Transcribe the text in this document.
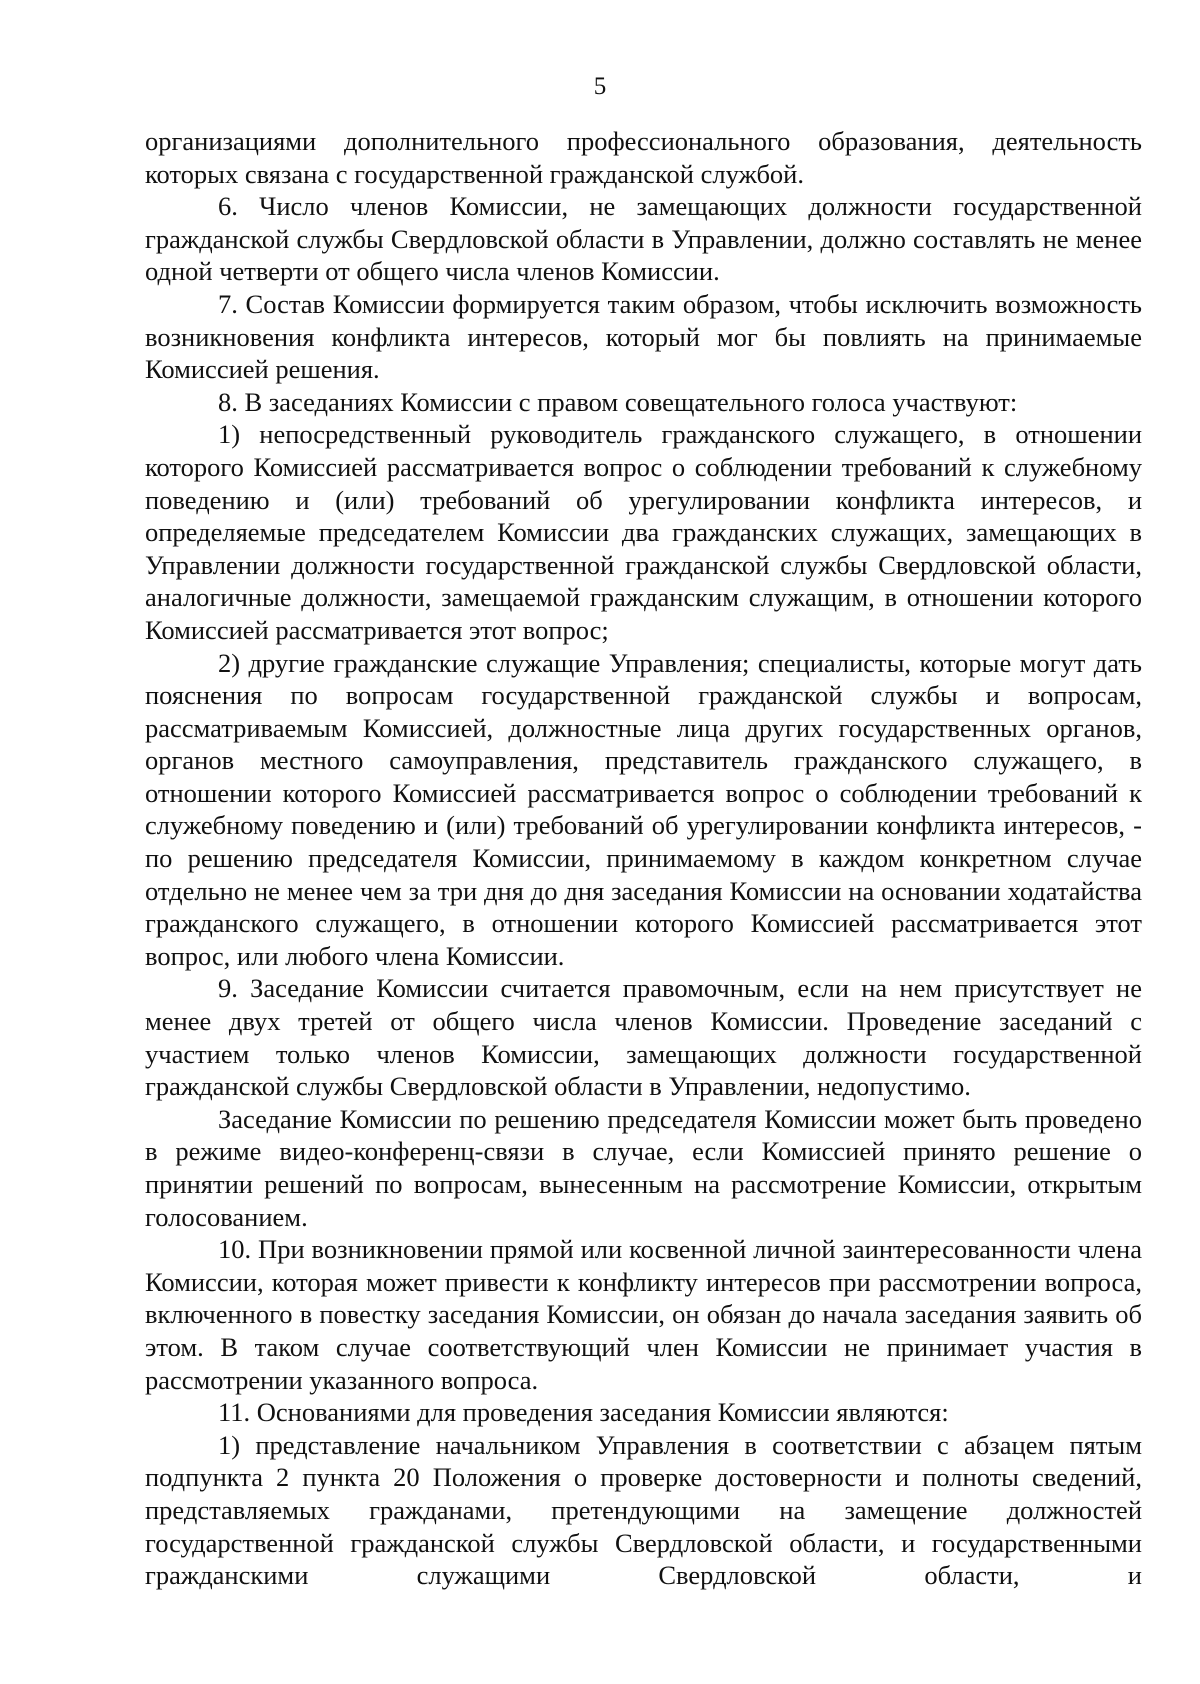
5

организациями дополнительного профессионального образования, деятельность которых связана с государственной гражданской службой.

6. Число членов Комиссии, не замещающих должности государственной гражданской службы Свердловской области в Управлении, должно составлять не менее одной четверти от общего числа членов Комиссии.

7. Состав Комиссии формируется таким образом, чтобы исключить возможность возникновения конфликта интересов, который мог бы повлиять на принимаемые Комиссией решения.

8. В заседаниях Комиссии с правом совещательного голоса участвуют:

1) непосредственный руководитель гражданского служащего, в отношении которого Комиссией рассматривается вопрос о соблюдении требований к служебному поведению и (или) требований об урегулировании конфликта интересов, и определяемые председателем Комиссии два гражданских служащих, замещающих в Управлении должности государственной гражданской службы Свердловской области, аналогичные должности, замещаемой гражданским служащим, в отношении которого Комиссией рассматривается этот вопрос;

2) другие гражданские служащие Управления; специалисты, которые могут дать пояснения по вопросам государственной гражданской службы и вопросам, рассматриваемым Комиссией, должностные лица других государственных органов, органов местного самоуправления, представитель гражданского служащего, в отношении которого Комиссией рассматривается вопрос о соблюдении требований к служебному поведению и (или) требований об урегулировании конфликта интересов, - по решению председателя Комиссии, принимаемому в каждом конкретном случае отдельно не менее чем за три дня до дня заседания Комиссии на основании ходатайства гражданского служащего, в отношении которого Комиссией рассматривается этот вопрос, или любого члена Комиссии.

9. Заседание Комиссии считается правомочным, если на нем присутствует не менее двух третей от общего числа членов Комиссии. Проведение заседаний с участием только членов Комиссии, замещающих должности государственной гражданской службы Свердловской области в Управлении, недопустимо.

Заседание Комиссии по решению председателя Комиссии может быть проведено в режиме видео-конференц-связи в случае, если Комиссией принято решение о принятии решений по вопросам, вынесенным на рассмотрение Комиссии, открытым голосованием.

10. При возникновении прямой или косвенной личной заинтересованности члена Комиссии, которая может привести к конфликту интересов при рассмотрении вопроса, включенного в повестку заседания Комиссии, он обязан до начала заседания заявить об этом. В таком случае соответствующий член Комиссии не принимает участия в рассмотрении указанного вопроса.

11. Основаниями для проведения заседания Комиссии являются:

1) представление начальником Управления в соответствии с абзацем пятым подпункта 2 пункта 20 Положения о проверке достоверности и полноты сведений, представляемых гражданами, претендующими на замещение должностей государственной гражданской службы Свердловской области, и государственными гражданскими служащими Свердловской области, и
